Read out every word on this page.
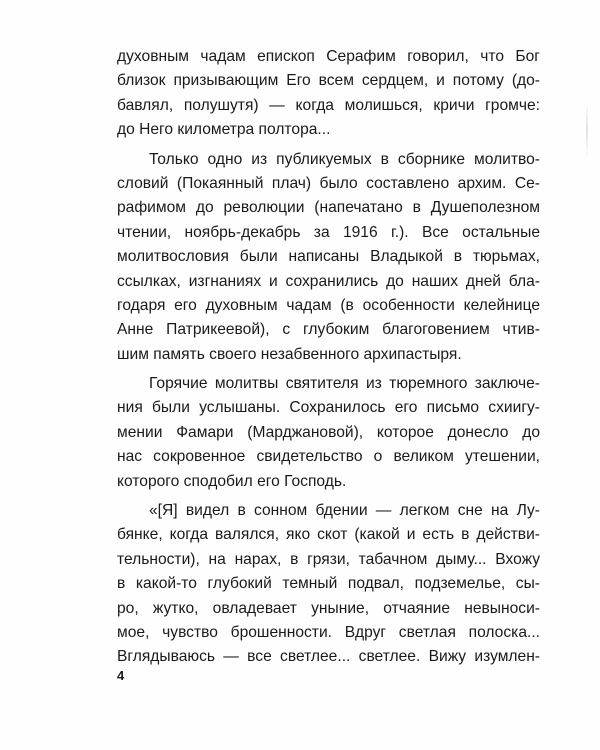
духовным чадам епископ Серафим говорил, что Бог
близок призывающим Его всем сердцем, и потому (до-
бавлял, полушутя) — когда молишься, кричи громче:
до Него километра полтора...
Только одно из публикуемых в сборнике молитво-
словий (Покаянный плач) было составлено архим. Се-
рафимом до революции (напечатано в Душеполезном
чтении, ноябрь-декабрь за 1916 г.). Все остальные
молитвословия были написаны Владыкой в тюрьмах,
ссылках, изгнаниях и сохранились до наших дней бла-
годаря его духовным чадам (в особенности келейнице
Анне Патрикеевой), с глубоким благоговением чтив-
шим память своего незабвенного архипастыря.
Горячие молитвы святителя из тюремного заключе-
ния были услышаны. Сохранилось его письмо схиигу-
мении Фамари (Марджановой), которое донесло до
нас сокровенное свидетельство о великом утешении,
которого сподобил его Господь.
«[Я] видел в сонном бдении — легком сне на Лу-
бянке, когда валялся, яко скот (какой и есть в действи-
тельности), на нарах, в грязи, табачном дыму... Вхожу
в какой-то глубокий темный подвал, подземелье, сы-
ро, жутко, овладевает уныние, отчаяние невыноси-
мое, чувство брошенности. Вдруг светлая полоска...
Вглядываюсь — все светлее... светлее. Вижу изумлен-
4
